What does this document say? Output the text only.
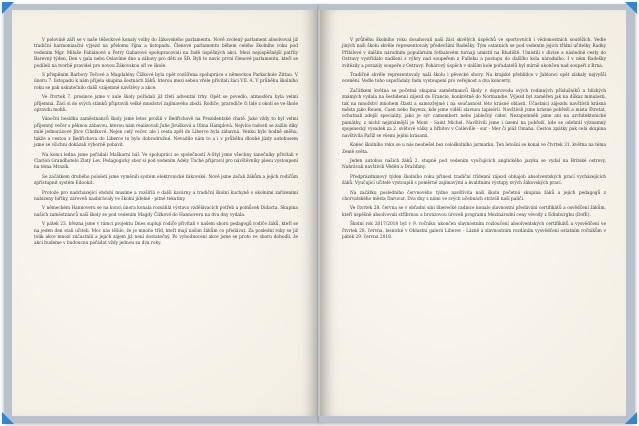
V polovině září se v naše těšeckové konaly volby do žákovského parlamentu. Nově zvolený parlament absolvoval již tradiční harmonizační výjezd na přelomu října a listopadu. Členové parlamentu během celého školního roku pod vedením Mgr. Miluše Fabíánové a Petry Gabarové spolupracovali na řadě úspěšných akcí. Mezi nejúspěšnější patřily Barevný týden, Den v gala nebo Oslavíme dne a zábavy pro děti ze ŠD. Byli to navíc první členové parlamentu, kteří se podíleli na tvorbě pravidel pro novou Žákovskou síť ve škole.

S přispěním Barbory Tečové a Magdalény Čížkové byla opět rozšířena spolupráce s německou Parkschule Zittau. V únoru 7. listopadu k nám přijela skupina šestnácti žáků, kterou mezi sebou vřele přivítali žáci VII. A. V průběhu školního roku se pak uskutečnilo další vzájemné návštěvy a akce.

Ve čtvrtek 7. prosince jsme v aule školy pořádali již třetí adventní trhy. Opět se povedlo, atmosféra byla velmi příjemná. Žáci si do svých stánků připravili velké množství zajímavého zboží. Rodiče, prarodiče či lidé z okolí se ve škole opravdu mohli.

Vánoční besídku zaměstnanců školy jsme letos prožili v Bedřichově na Prezidentské chatě. Jako vždy to byl velmi příjemný večer s pěknou zábavou, kterou nám realizovali Julie Jirušková a Olina Hamplová. Nejvíce radosti se zažilo díky milé jednorázové Jitce Cihelkové. Nejen celý večer, ale i cesta zpět do Liberce byla zábavná. Venku bylo hodně sněhu, takže a cestou z Bedřichova do Liberce to bylo dobrodružné. Nevadilo nám to a i v průběhu dlouhé jízdy autobusem jsme se všichni dokázali výborně pobavit.

Na konci ledna jsme pořádali Maškarní bál. Ve spolupráci se společností A-Styl jsme všechny tanečníky přivítali v Clarion Grandhotelu Zlatý Lev. Pedagogický sbor si pod vedením Adély Tuché připravil pro návštěvníky plesu vystoupení na téma Mrazík.

Se začátkem druhého pololetí jsme vyměnili systém elektronické žákovské. Nově jsme začali žákům a jejich rodičům zpřístupnit systém Edookit.

Protože pro nadcházející období musíme a rozšířili o další kavárny a tradiční školní kuchyně s okolními zařízeními nabízeny biřtky, zároveň nasbírávaly ve školní jídelně - pitné tekutiny.

V německém Hannoveru se na konci února konala rozsáhlá výstava vzdělávacích potřeb a pomůcek Didacta. Skupina našich zaměstnanců naší školy se pod vedením Magdy Čížkové do Hannoveru na dva dny vydala.

V pátek 23. března jsme v rámci projektu Dnes suplují rodiče přivítali v našem sboru pedagogů rodiče žáků, kteří se na jeden den stali učiteli. Moc nás těšilo, že je mnoho tříd, kteří mají našim žákům co předávat. Za poslední roky se již tolik akce mnozí zúčastnili a jejich zájem již není dostatečný. Po vyhodnocení akce jsme se proto ve sboru dohodli, že akci budeme v budoucnu pořádat vždy jednou za dva roky.

V průběhu školního roku dosahovali naši žáci skvělých úspěchů ve sportovních i vědomostních soutěžích. Vedle jiných naši školu skvěle reprezentovaly předevšími Radešky. Tým ostatních se pod vedením jejich třídní učitelky Radky Příbilové v dalším národním populárním fotbalovém turnaji umístil na Bludiště. Umístili v divize a následně cesty do Ostravy vystřídalo nadšení z výhry nad soupeřem z Fulleku a postupu do dalšího kola národního. I v něm Radešky zvítězily a porazily soupeře z Ostravy. Pohárový úspěch v dalším kole pořadatelů byl mírně ukončen nad soupeři z Brna.

Tradičně skvěle reprezentovaly naši školu i pěvecké sbory. Na krajské přehlídce v Jablonci opět získaly nejvyšší ocenění. Vedle toho uspořádaly řadu vystoupení pro veřejnost a dva koncerty.

Začátkem května se početná skupina zaměstnanců školy v doprovodu svých rodinných příslušníků a blízkých známých vydala na šestidenní zájezd do Francie, konkrétně do Normandie. Výjezd byl zaměřen jak na důkaz minulosti, tak na množství mnohem šťastí a samozřejmě i na současnost této krásné oblasti. Účastníci zájezdu navštívili krásná města jako Rouen, Caen nebo Bayeux, kde jsme viděli slavnou tapisérii. Navštívili jsme krásné pobřeží a místa Étretat, ochutnali zdejší speciality, jako je sýr camembert nebo jablečný cider. Nezapomněli jsme ani na architektonické památky, z nichž nejznámější je Mont - Saint Michel. Navštívili jsme i území na pobřeží, kde se odehrál významný spojenecký výsadek za 2. světové války a hřbitov v Colleville - sur - Mer či pláž Omaha. Cestou zpátky pak celá skupina navštívila Paříž se všemi jejími krásami.

Konec školního roku se u nás neobešel bez celoškolního jarmarku. Ten letošní se konal ve čtvrtek 31. května na téma Země světa.

Jeden autobus našich žáků 2. stupně pod vedením vyučujících anglického jazyka se vydal na Britské ostrovy. Nahrávali navštívili Věděn a Dražďany.

Předprázdninový týden školního roku přinesl tradiční třídenní zájezd obhajob absolventských prací vycházejících žáků. Vyučující učitelé vystoupili s poměrně zajímavými a kvalitními výstupy svých žákovských prací.

Na začátku posledního červnového týdne navštívila naši školu početná skupina žáků a jejich pedagogů z chorvatského města Daruvar. Dva dny s námi ve svých učebnách strávili naší paličí.

Ve čtvrtek 28. června se v obřadní síni liberecké radnice konalo slavnostní předávání certifikátů a osvědčení žákům, kteří úspěšně absolvovali stříbrnou a bronzovou úroveň programu Mezinárodní ceny vévody z Edinburghu (DofE).

Školní rok 2017/2018 byl v 9. ročníku ukončen slavnostním rozloučení absolventských certifikátů a vysvědčení ve čtvrtek 28. června, lesnické v Oblastní galerii Liberec - Lázně a slavnostním rozdáním vysvědčení ostatním ročníkům v pátek 29. června 2018.
